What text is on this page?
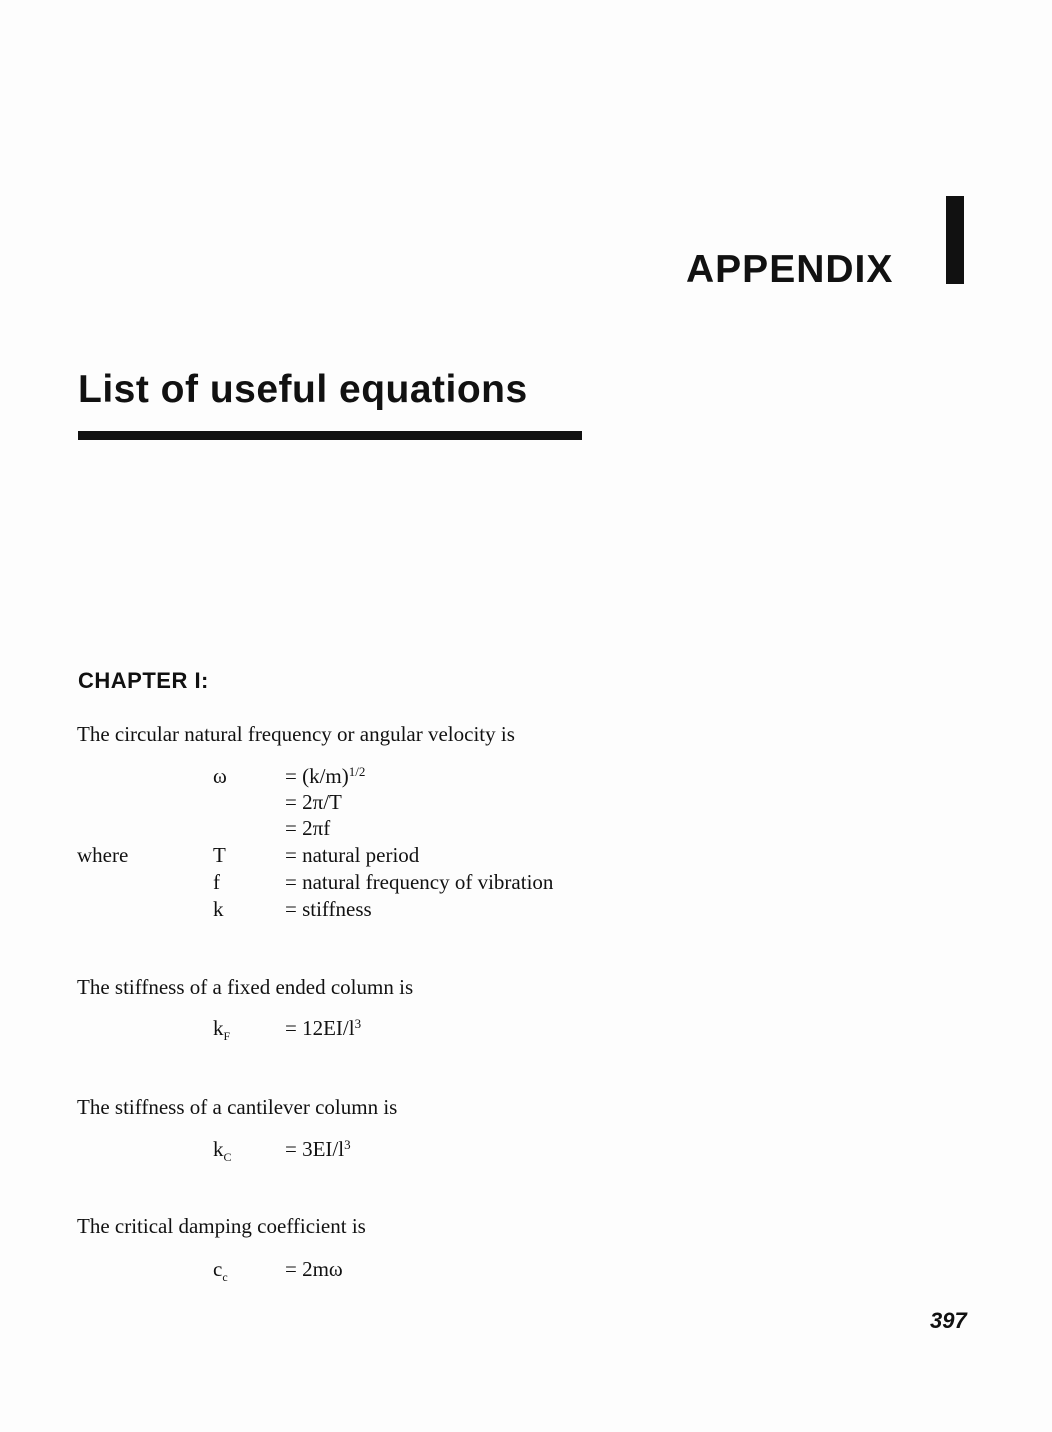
APPENDIX
List of useful equations
CHAPTER I:
The circular natural frequency or angular velocity is
ω	= $(k/m)^{1/2}$
= 2π/T
= 2πf
where	T	= natural period
f	= natural frequency of vibration
k	= stiffness
The stiffness of a fixed ended column is
$k_F$	= $12EI/l^3$
The stiffness of a cantilever column is
$k_C$	= $3EI/l^3$
The critical damping coefficient is
$c_c$	= 2mω
397
